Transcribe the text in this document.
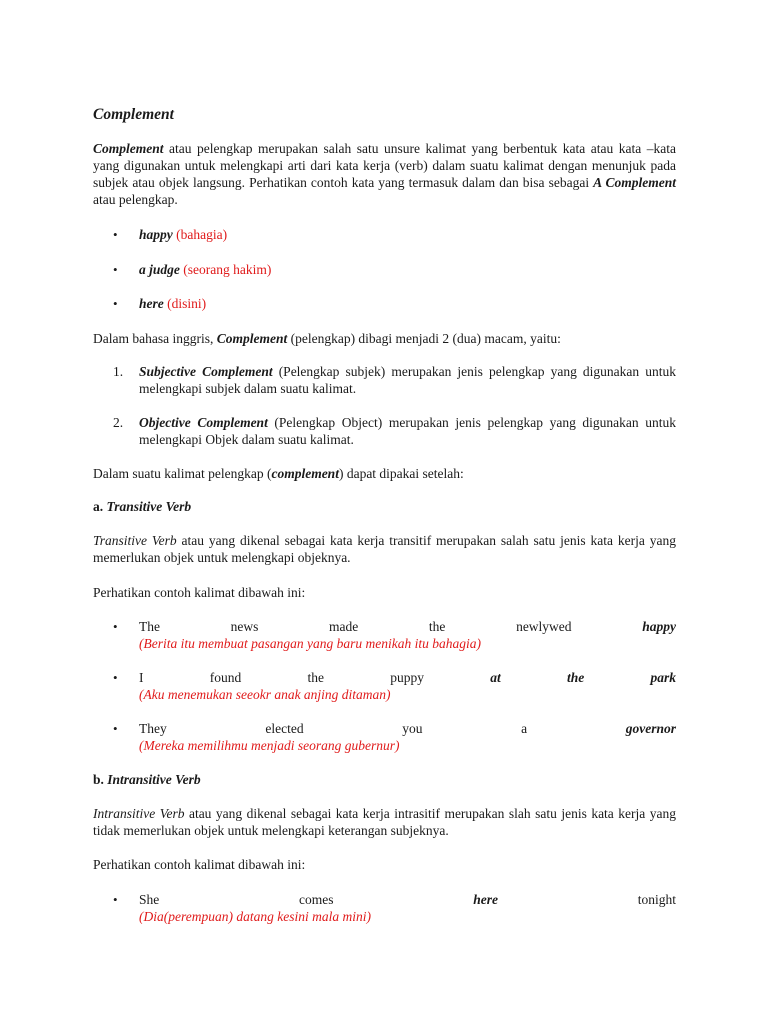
Complement
Complement atau pelengkap merupakan salah satu unsure kalimat yang berbentuk kata atau kata –kata yang digunakan untuk melengkapi arti dari kata kerja (verb) dalam suatu kalimat dengan menunjuk pada subjek atau objek langsung. Perhatikan contoh kata yang termasuk dalam dan bisa sebagai A Complement atau pelengkap.
•	happy (bahagia)
•	a judge (seorang hakim)
•	here (disini)
Dalam bahasa inggris, Complement (pelengkap) dibagi menjadi 2 (dua) macam, yaitu:
1.	Subjective Complement (Pelengkap subjek) merupakan jenis pelengkap yang digunakan untuk melengkapi subjek dalam suatu kalimat.
2.	Objective Complement (Pelengkap Object) merupakan jenis pelengkap yang digunakan untuk melengkapi Objek dalam suatu kalimat.
Dalam suatu kalimat pelengkap (complement) dapat dipakai setelah:
a. Transitive Verb
Transitive Verb atau yang dikenal sebagai kata kerja transitif merupakan salah satu jenis kata kerja yang memerlukan objek untuk melengkapi objeknya.
Perhatikan contoh kalimat dibawah ini:
•	The	news	made	the	newlywed	happy
(Berita itu membuat pasangan yang baru menikah itu bahagia)
•	I	found	the	puppy	at	the	park
(Aku menemukan seeokr anak anjing ditaman)
•	They	elected	you	a	governor
(Mereka memilihmu menjadi seorang gubernur)
b. Intransitive Verb
Intransitive Verb atau yang dikenal sebagai kata kerja intrasitif merupakan slah satu jenis kata kerja yang tidak memerlukan objek untuk melengkapi keterangan subjeknya.
Perhatikan contoh kalimat dibawah ini:
•	She	comes	here	tonight
(Dia(perempuan) datang kesini mala mini)
